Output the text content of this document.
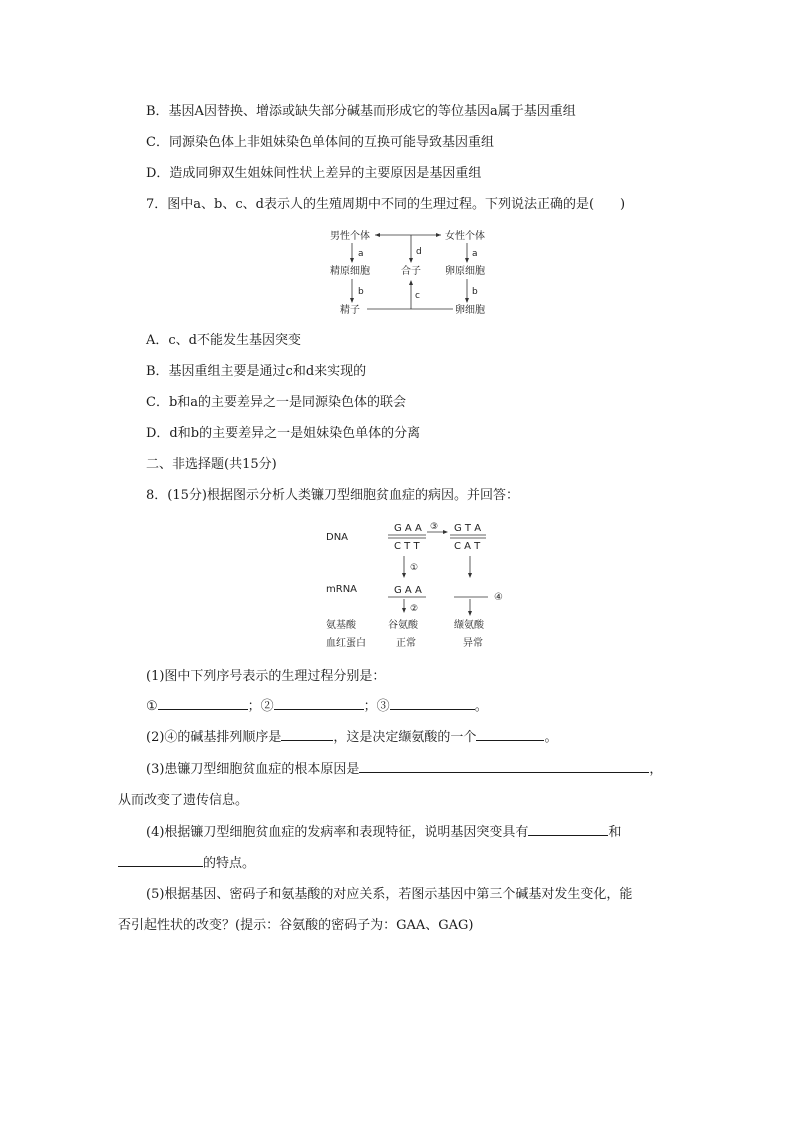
B．基因A因替换、增添或缺失部分碱基而形成它的等位基因a属于基因重组
C．同源染色体上非姐妹染色单体间的互换可能导致基因重组
D．造成同卵双生姐妹间性状上差异的主要原因是基因重组
7．图中a、b、c、d表示人的生殖周期中不同的生理过程。下列说法正确的是(　　)
男性个体	女性个体
a	a
d
精原细胞	合子 卵原细胞
b	b
c
精子	卵细胞
A．c、d不能发生基因突变
B．基因重组主要是通过c和d来实现的
C．b和a的主要差异之一是同源染色体的联会
D．d和b的主要差异之一是姐妹染色单体的分离
二、非选择题(共15分)
8．(15分)根据图示分析人类镰刀型细胞贫血症的病因。并回答：
DNA
mRNA
氨基酸
血红蛋白
G A A
C T T
③ G T A
C A T
①
G A A
④
②
谷氨酸	缬氨酸
正常	异常
(1)图中下列序号表示的生理过程分别是：
①	；②	；③	。
(2)④的碱基排列顺序是	，这是决定缬氨酸的一个	。
(3)患镰刀型细胞贫血症的根本原因是	，
从而改变了遗传信息。
(4)根据镰刀型细胞贫血症的发病率和表现特征，说明基因突变具有	和
的特点。
(5)根据基因、密码子和氨基酸的对应关系，若图示基因中第三个碱基对发生变化，能
否引起性状的改变？(提示：谷氨酸的密码子为：GAA、GAG)
